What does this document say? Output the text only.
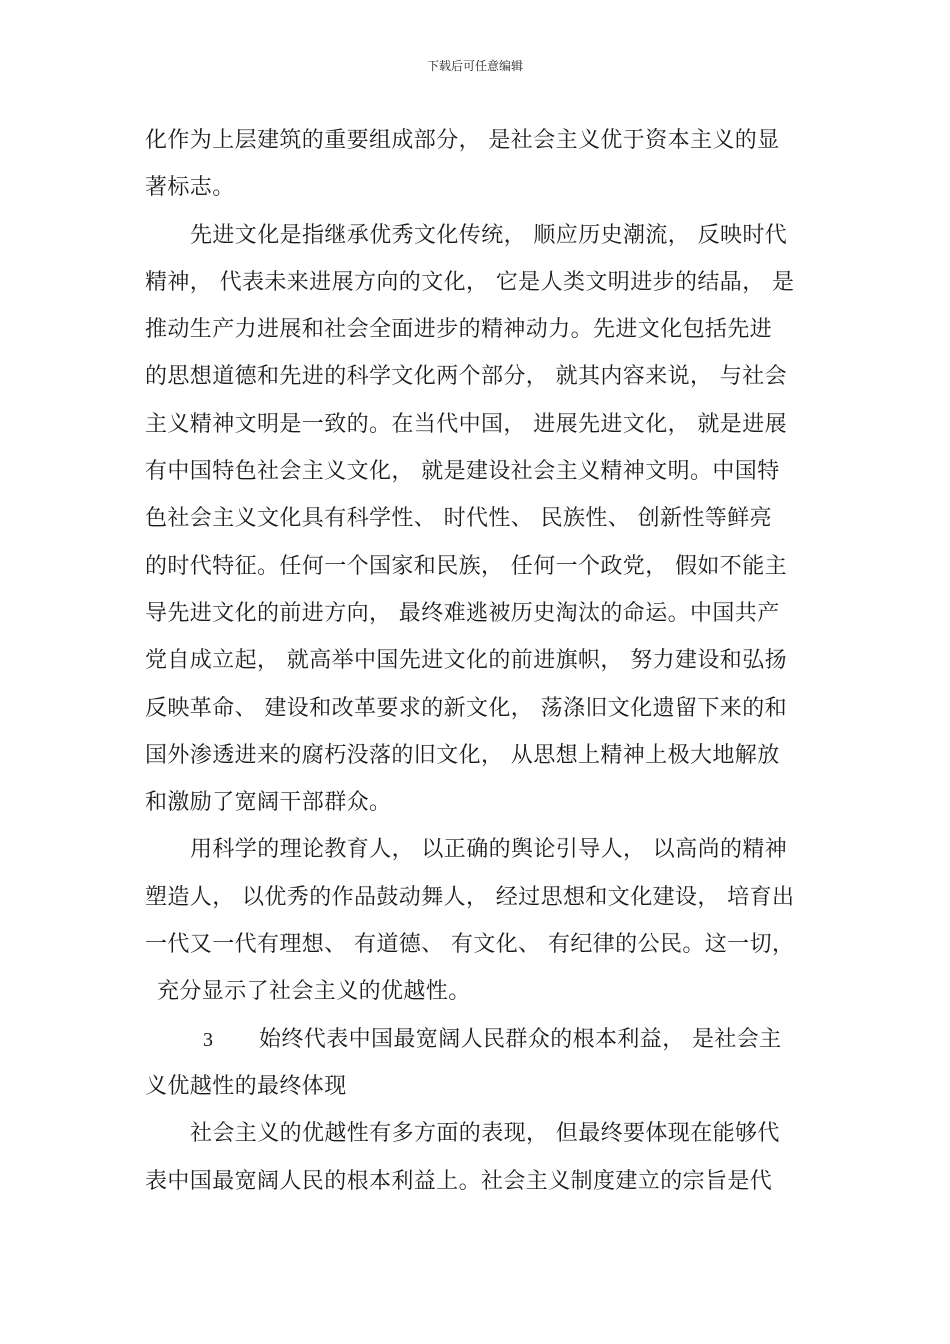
下载后可任意编辑
化作为上层建筑的重要组成部分， 是社会主义优于资本主义的显
著标志。
先进文化是指继承优秀文化传统， 顺应历史潮流， 反映时代
精神， 代表未来进展方向的文化， 它是人类文明进步的结晶， 是
推动生产力进展和社会全面进步的精神动力。先进文化包括先进
的思想道德和先进的科学文化两个部分， 就其内容来说， 与社会
主义精神文明是一致的。在当代中国， 进展先进文化， 就是进展
有中国特色社会主义文化， 就是建设社会主义精神文明。中国特
色社会主义文化具有科学性、 时代性、 民族性、 创新性等鲜亮
的时代特征。任何一个国家和民族， 任何一个政党， 假如不能主
导先进文化的前进方向， 最终难逃被历史淘汰的命运。中国共产
党自成立起， 就高举中国先进文化的前进旗帜， 努力建设和弘扬
反映革命、 建设和改革要求的新文化， 荡涤旧文化遗留下来的和
国外渗透进来的腐朽没落的旧文化， 从思想上精神上极大地解放
和激励了宽阔干部群众。
用科学的理论教育人， 以正确的舆论引导人， 以高尚的精神
塑造人， 以优秀的作品鼓动舞人， 经过思想和文化建设， 培育出
一代又一代有理想、 有道德、 有文化、 有纪律的公民。这一切，
充分显示了社会主义的优越性。
3 始终代表中国最宽阔人民群众的根本利益， 是社会主
义优越性的最终体现
社会主义的优越性有多方面的表现， 但最终要体现在能够代
表中国最宽阔人民的根本利益上。社会主义制度建立的宗旨是代
